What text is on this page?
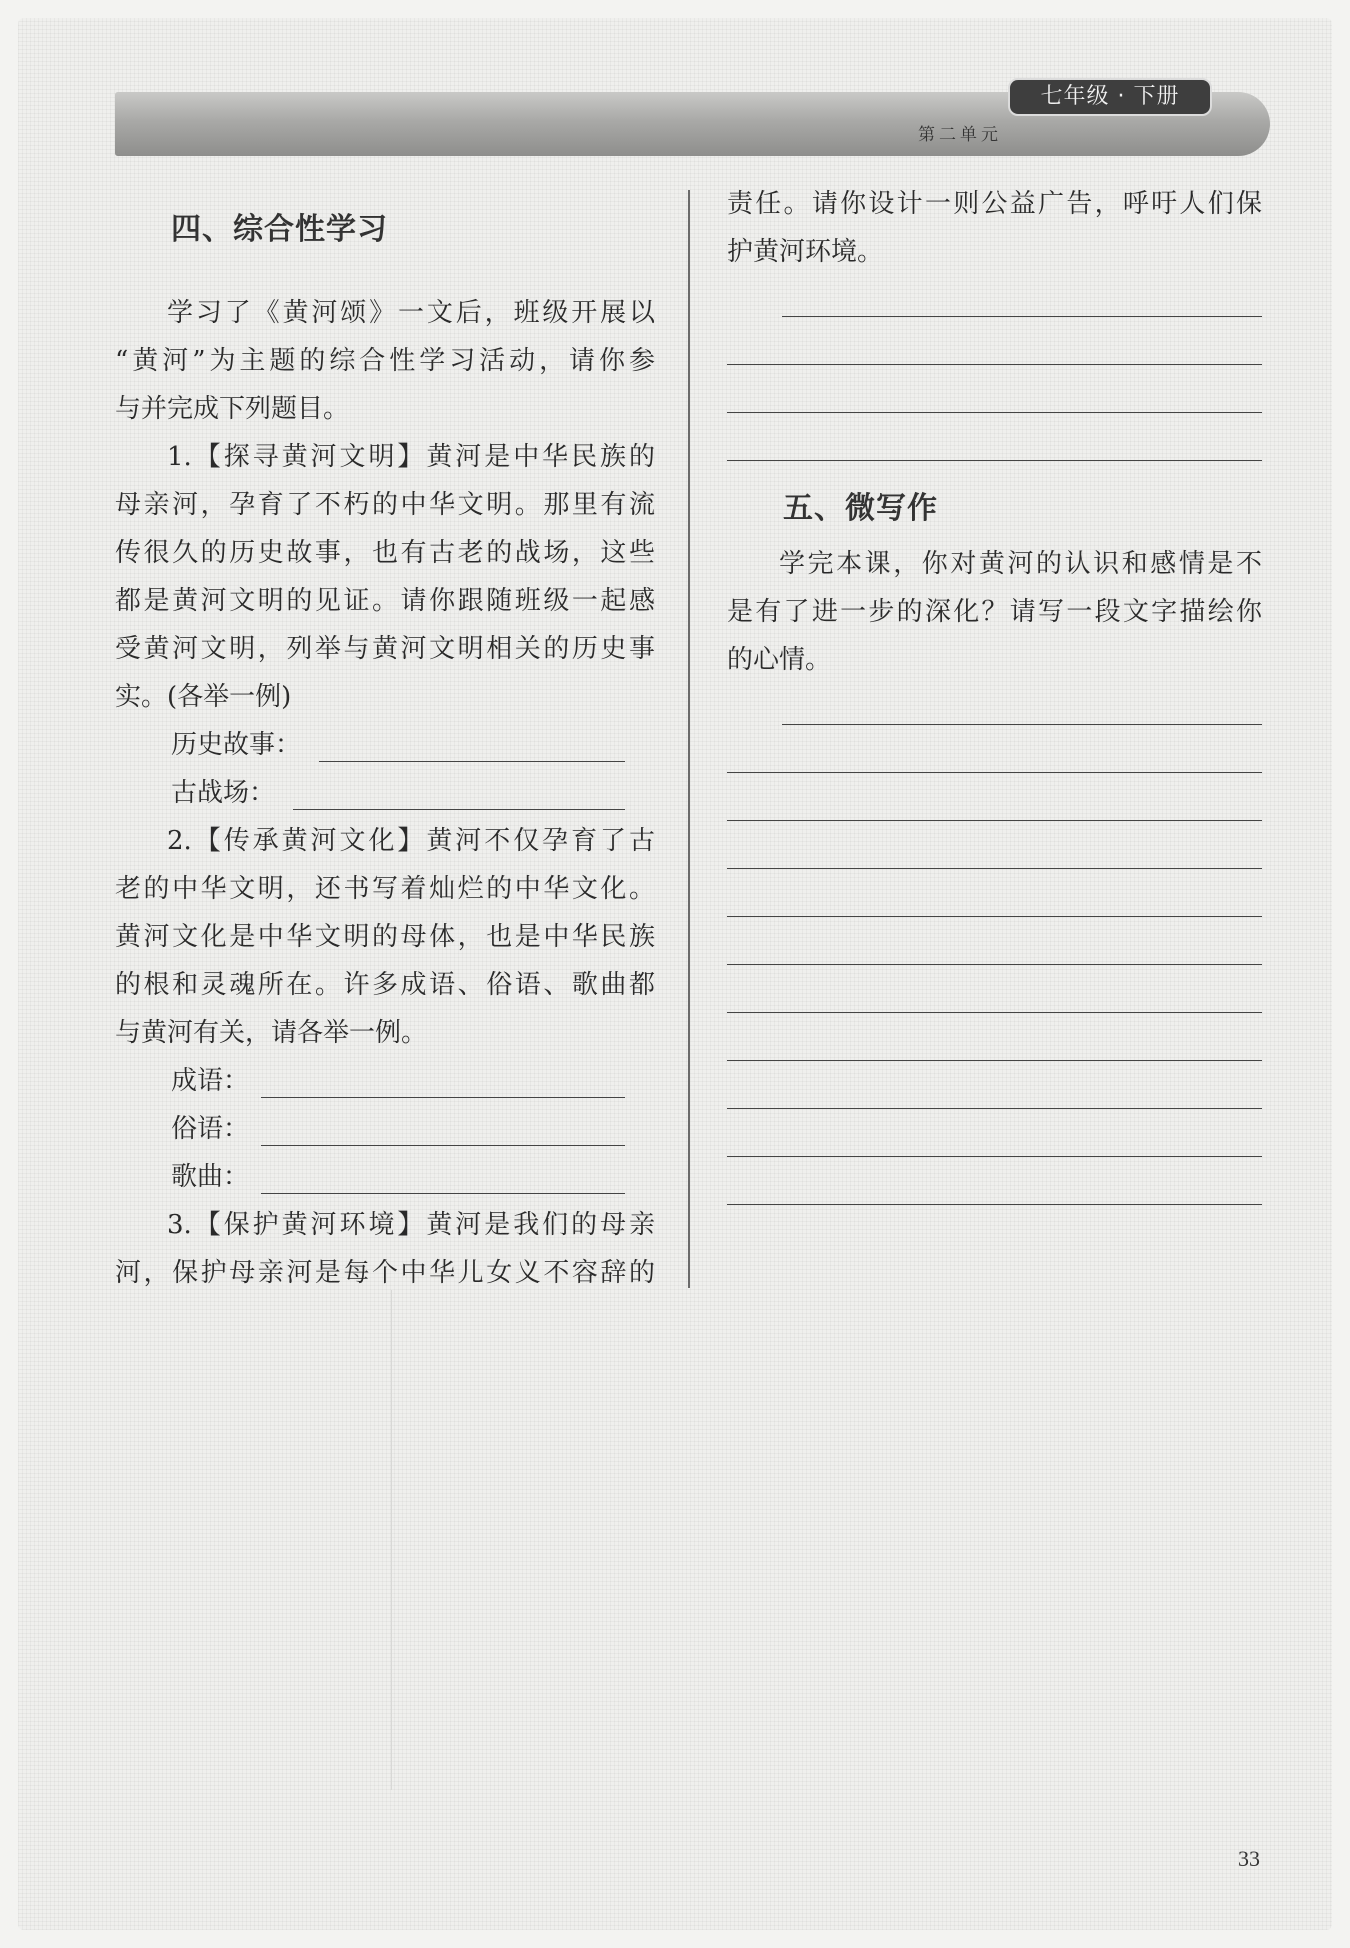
七年级 · 下册
第二单元
四、综合性学习

学习了《黄河颂》一文后，班级开展以

“黄河”为主题的综合性学习活动，请你参

与并完成下列题目。

1.【探寻黄河文明】黄河是中华民族的

母亲河，孕育了不朽的中华文明。那里有流

传很久的历史故事，也有古老的战场，这些

都是黄河文明的见证。请你跟随班级一起感

受黄河文明，列举与黄河文明相关的历史事

实。(各举一例)

历史故事：
古战场：

2.【传承黄河文化】黄河不仅孕育了古

老的中华文明，还书写着灿烂的中华文化。

黄河文化是中华文明的母体，也是中华民族

的根和灵魂所在。许多成语、俗语、歌曲都

与黄河有关，请各举一例。

成语：
俗语：
歌曲：

3.【保护黄河环境】黄河是我们的母亲

河，保护母亲河是每个中华儿女义不容辞的

责任。请你设计一则公益广告，呼吁人们保

护黄河环境。

五、微写作

学完本课，你对黄河的认识和感情是不

是有了进一步的深化？请写一段文字描绘你

的心情。

33
